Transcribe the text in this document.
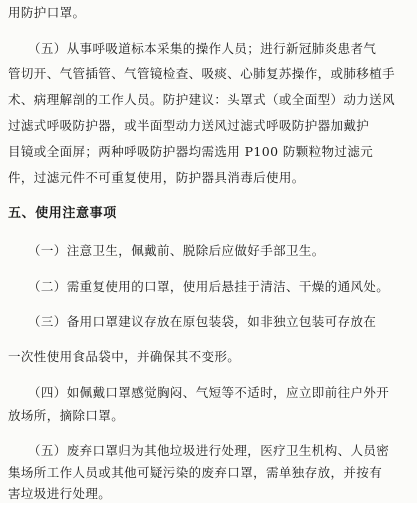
用防护口罩。
（五）从事呼吸道标本采集的操作人员；进行新冠肺炎患者气
管切开、气管插管、气管镜检查、吸痰、心肺复苏操作，或肺移植手
术、病理解剖的工作人员。防护建议：头罩式（或全面型）动力送风
过滤式呼吸防护器，或半面型动力送风过滤式呼吸防护器加戴护
目镜或全面屏；两种呼吸防护器均需选用 P100 防颗粒物过滤元
件，过滤元件不可重复使用，防护器具消毒后使用。
五、使用注意事项
（一）注意卫生，佩戴前、脱除后应做好手部卫生。
（二）需重复使用的口罩，使用后悬挂于清洁、干燥的通风处。
（三）备用口罩建议存放在原包装袋，如非独立包装可存放在
一次性使用食品袋中，并确保其不变形。
（四）如佩戴口罩感觉胸闷、气短等不适时，应立即前往户外开
放场所，摘除口罩。
（五）废弃口罩归为其他垃圾进行处理，医疗卫生机构、人员密
集场所工作人员或其他可疑污染的废弃口罩，需单独存放，并按有
害垃圾进行处理。
